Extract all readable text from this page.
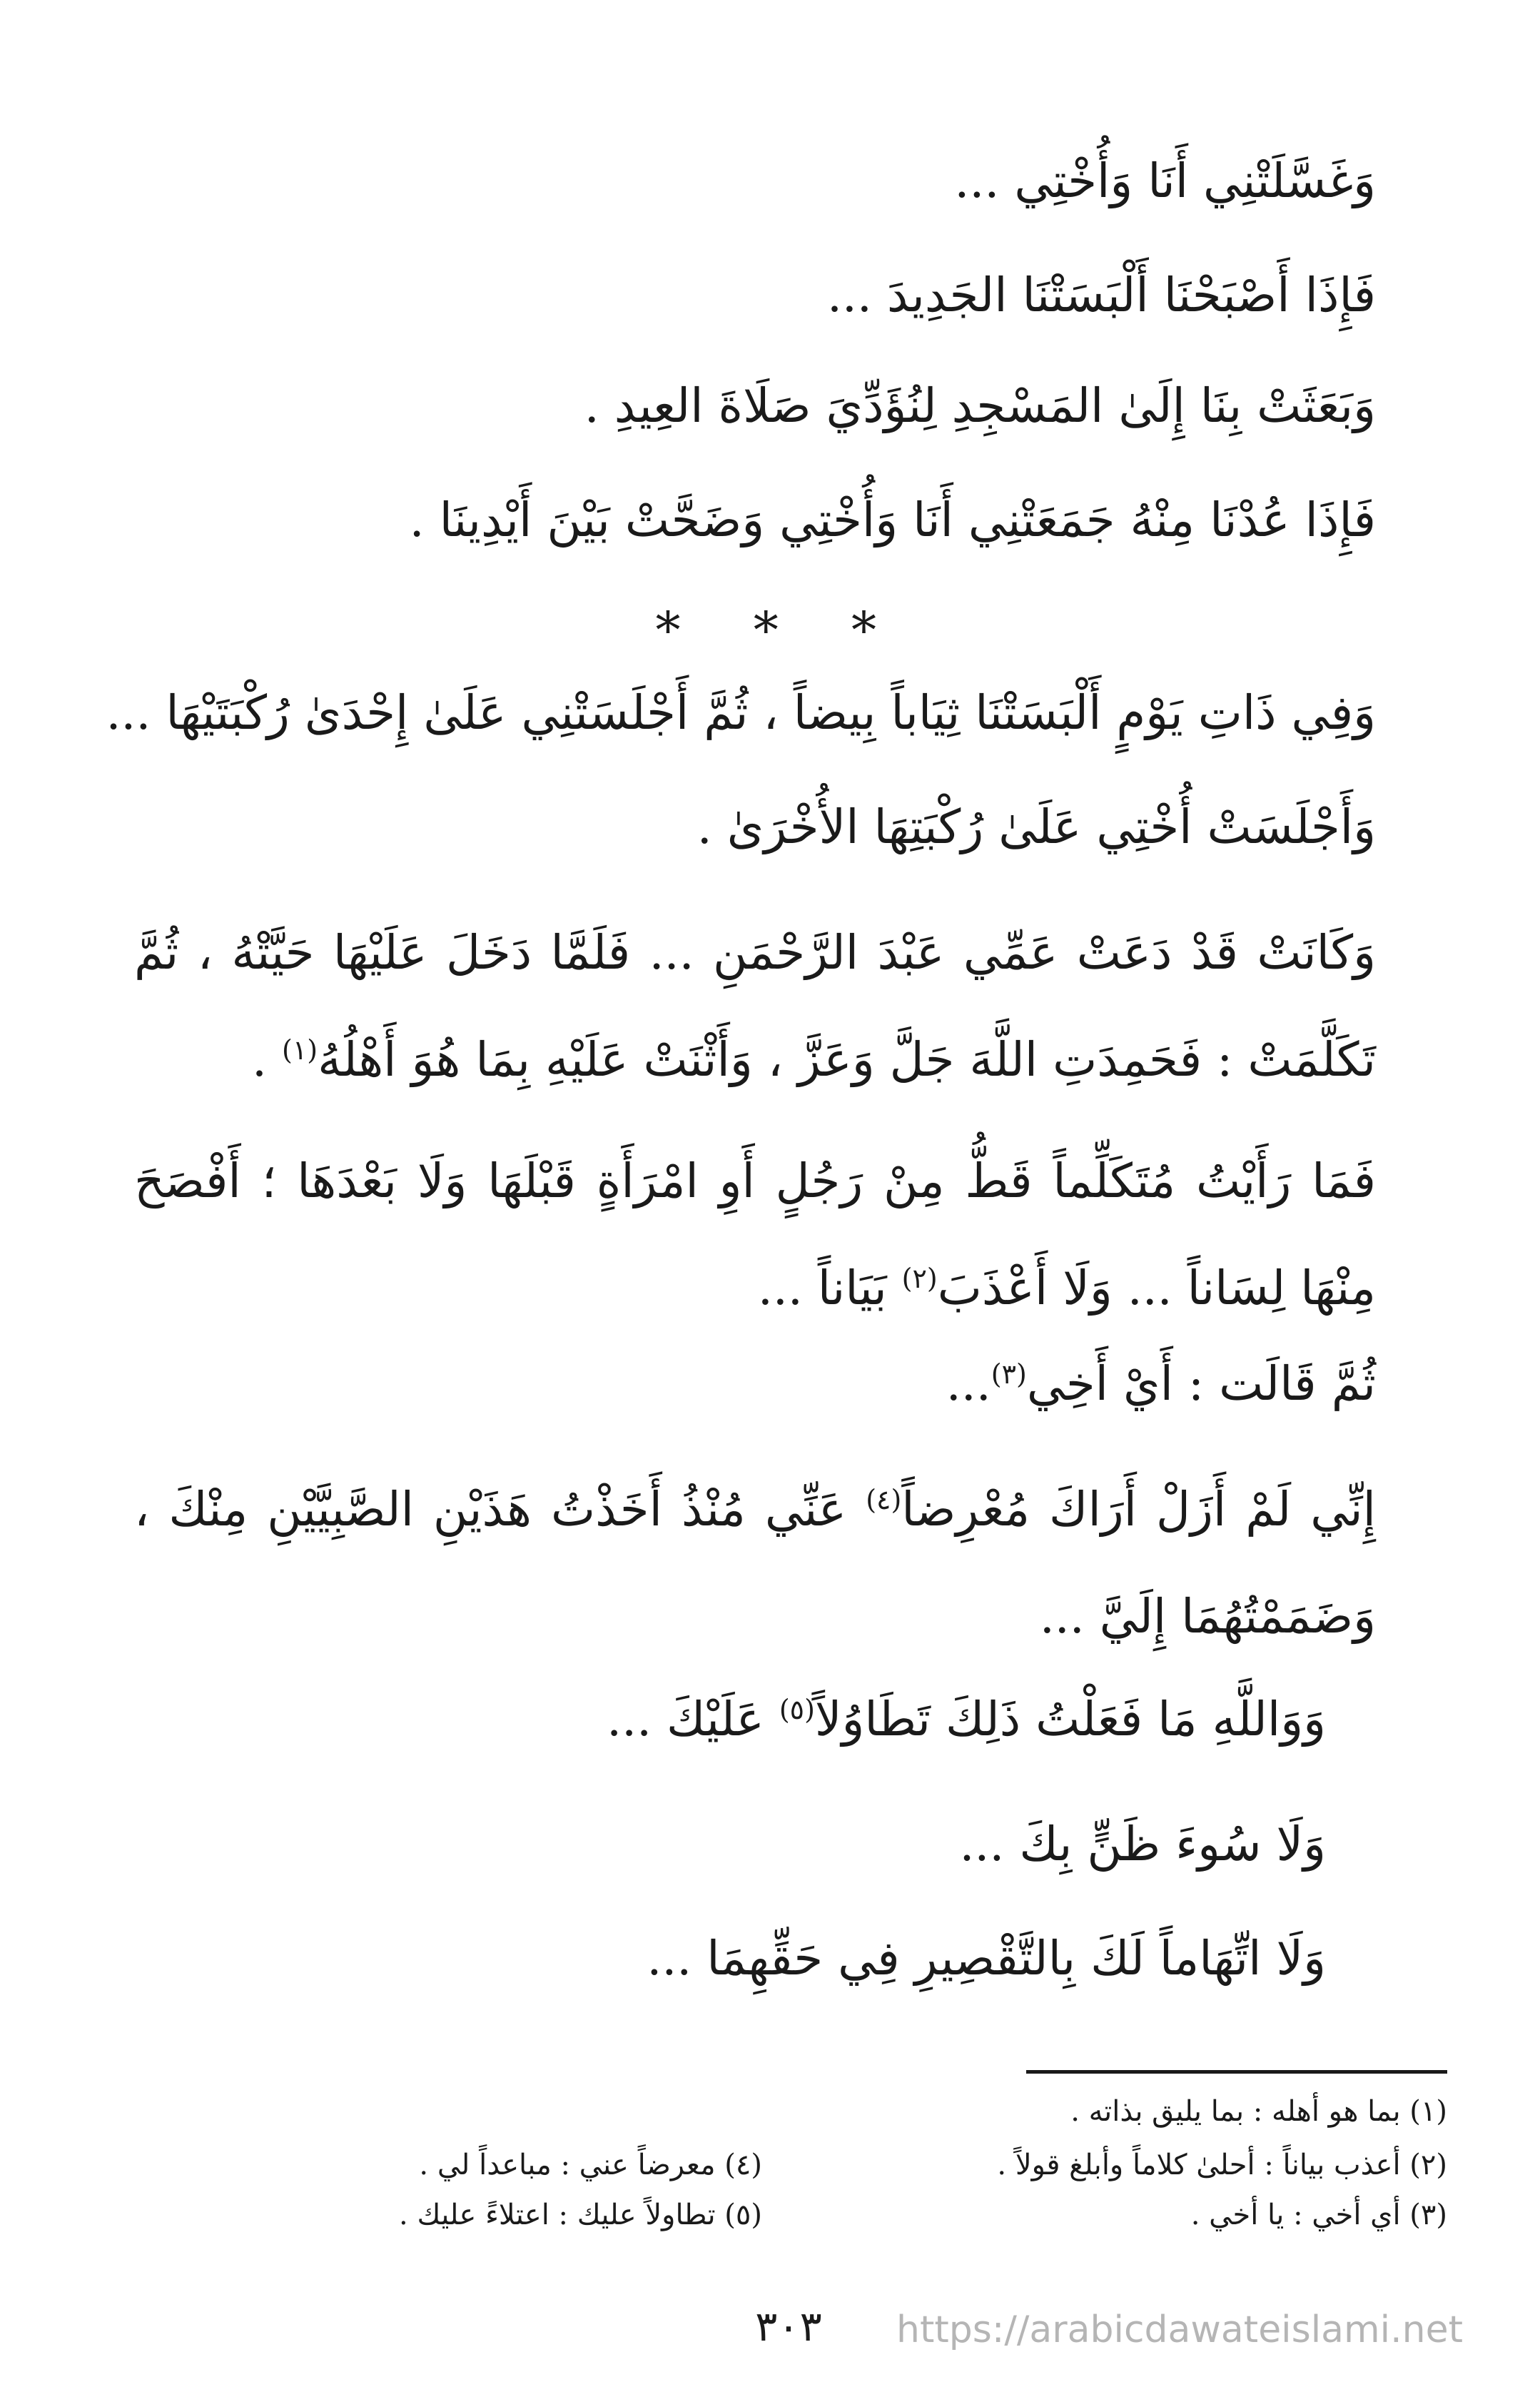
وَغَسَّلَتْنِي أَنَا وَأُخْتِي ...
فَإِذَا أَصْبَحْنَا أَلْبَسَتْنَا الجَدِيدَ ...
وَبَعَثَتْ بِنَا إِلَىٰ المَسْجِدِ لِنُؤَدِّيَ صَلَاةَ العِيدِ .
فَإِذَا عُدْنَا مِنْهُ جَمَعَتْنِي أَنَا وَأُخْتِي وَضَحَّتْ بَيْنَ أَيْدِينَا .
* * *
وَفِي ذَاتِ يَوْمٍ أَلْبَسَتْنَا ثِيَاباً بِيضاً ، ثُمَّ أَجْلَسَتْنِي عَلَىٰ إِحْدَىٰ رُكْبَتَيْهَا ...
وَأَجْلَسَتْ أُخْتِي عَلَىٰ رُكْبَتِهَا الأُخْرَىٰ .
وَكَانَتْ قَدْ دَعَتْ عَمِّي عَبْدَ الرَّحْمَنِ ... فَلَمَّا دَخَلَ عَلَيْهَا حَيَّتْهُ ، ثُمَّ تَكَلَّمَتْ : فَحَمِدَتِ اللَّهَ جَلَّ وَعَزَّ ، وَأَثْنَتْ عَلَيْهِ بِمَا هُوَ أَهْلُهُ$^{(١)}$ .
فَمَا رَأَيْتُ مُتَكَلِّماً قَطُّ مِنْ رَجُلٍ أَوِ امْرَأَةٍ قَبْلَهَا وَلَا بَعْدَهَا ؛ أَفْصَحَ مِنْهَا لِسَاناً ... وَلَا أَعْذَبَ$^{(٢)}$ بَيَاناً ...
ثُمَّ قَالَت : أَيْ أَخِي$^{(٣)}$...
إِنِّي لَمْ أَزَلْ أَرَاكَ مُعْرِضاً$^{(٤)}$ عَنِّي مُنْذُ أَخَذْتُ هَذَيْنِ الصَّبِيَّيْنِ مِنْكَ ، وَضَمَمْتُهُمَا إِلَيَّ ...
وَوَاللَّهِ مَا فَعَلْتُ ذَلِكَ تَطَاوُلاً$^{(٥)}$ عَلَيْكَ ...
وَلَا سُوءَ ظَنٍّ بِكَ ...
وَلَا اتِّهَاماً لَكَ بِالتَّقْصِيرِ فِي حَقِّهِمَا ...
(١) بما هو أهله : بما يليق بذاته .
(٢) أعذب بياناً : أحلىٰ كلاماً وأبلغ قولاً .
(٣) أي أخي : يا أخي .
(٤) معرضاً عني : مباعداً لي .
(٥) تطاولاً عليك : اعتلاءً عليك .
٣٠٣	https://arabicdawateislami.net
